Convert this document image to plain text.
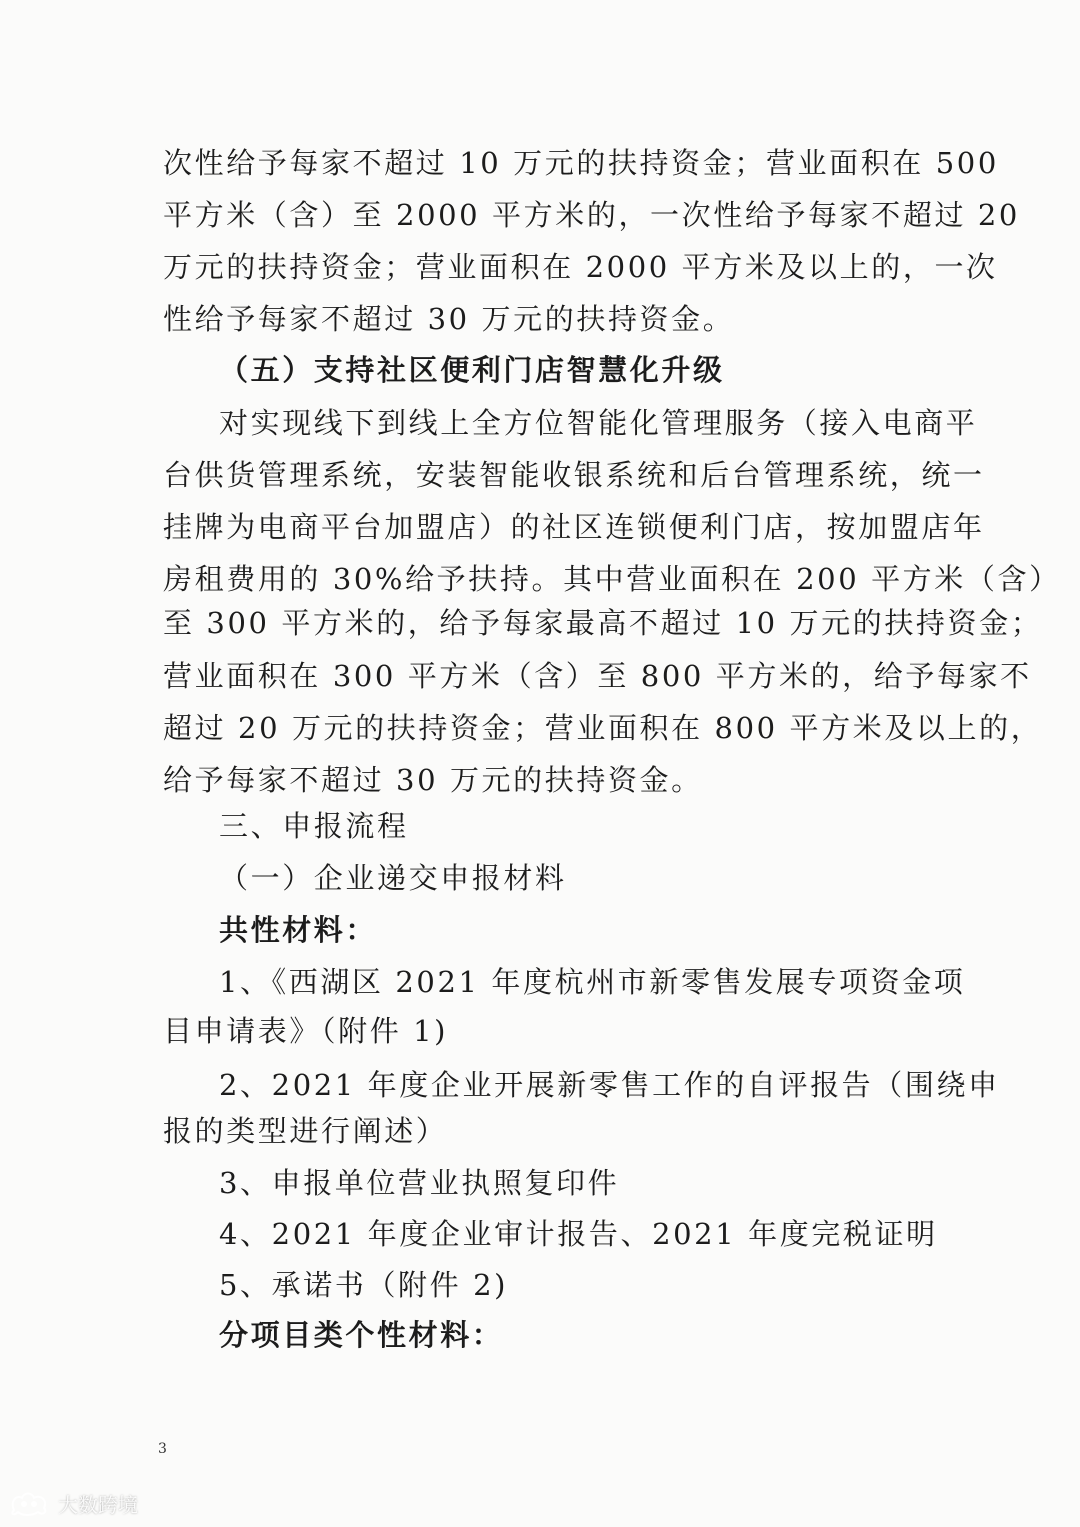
次性给予每家不超过 10 万元的扶持资金；营业面积在 500
平方米（含）至 2000 平方米的，一次性给予每家不超过 20
万元的扶持资金；营业面积在 2000 平方米及以上的，一次
性给予每家不超过 30 万元的扶持资金。
（五）支持社区便利门店智慧化升级
对实现线下到线上全方位智能化管理服务（接入电商平
台供货管理系统，安装智能收银系统和后台管理系统，统一
挂牌为电商平台加盟店）的社区连锁便利门店，按加盟店年
房租费用的 30%给予扶持。其中营业面积在 200 平方米（含）
至 300 平方米的，给予每家最高不超过 10 万元的扶持资金；
营业面积在 300 平方米（含）至 800 平方米的，给予每家不
超过 20 万元的扶持资金；营业面积在 800 平方米及以上的，
给予每家不超过 30 万元的扶持资金。
三、申报流程
（一）企业递交申报材料
共性材料：
1、《西湖区 2021 年度杭州市新零售发展专项资金项
目申请表》（附件 1)
2、2021 年度企业开展新零售工作的自评报告（围绕申
报的类型进行阐述）
3、申报单位营业执照复印件
4、2021 年度企业审计报告、2021 年度完税证明
5、承诺书（附件 2)
分项目类个性材料：
3
大数跨境
